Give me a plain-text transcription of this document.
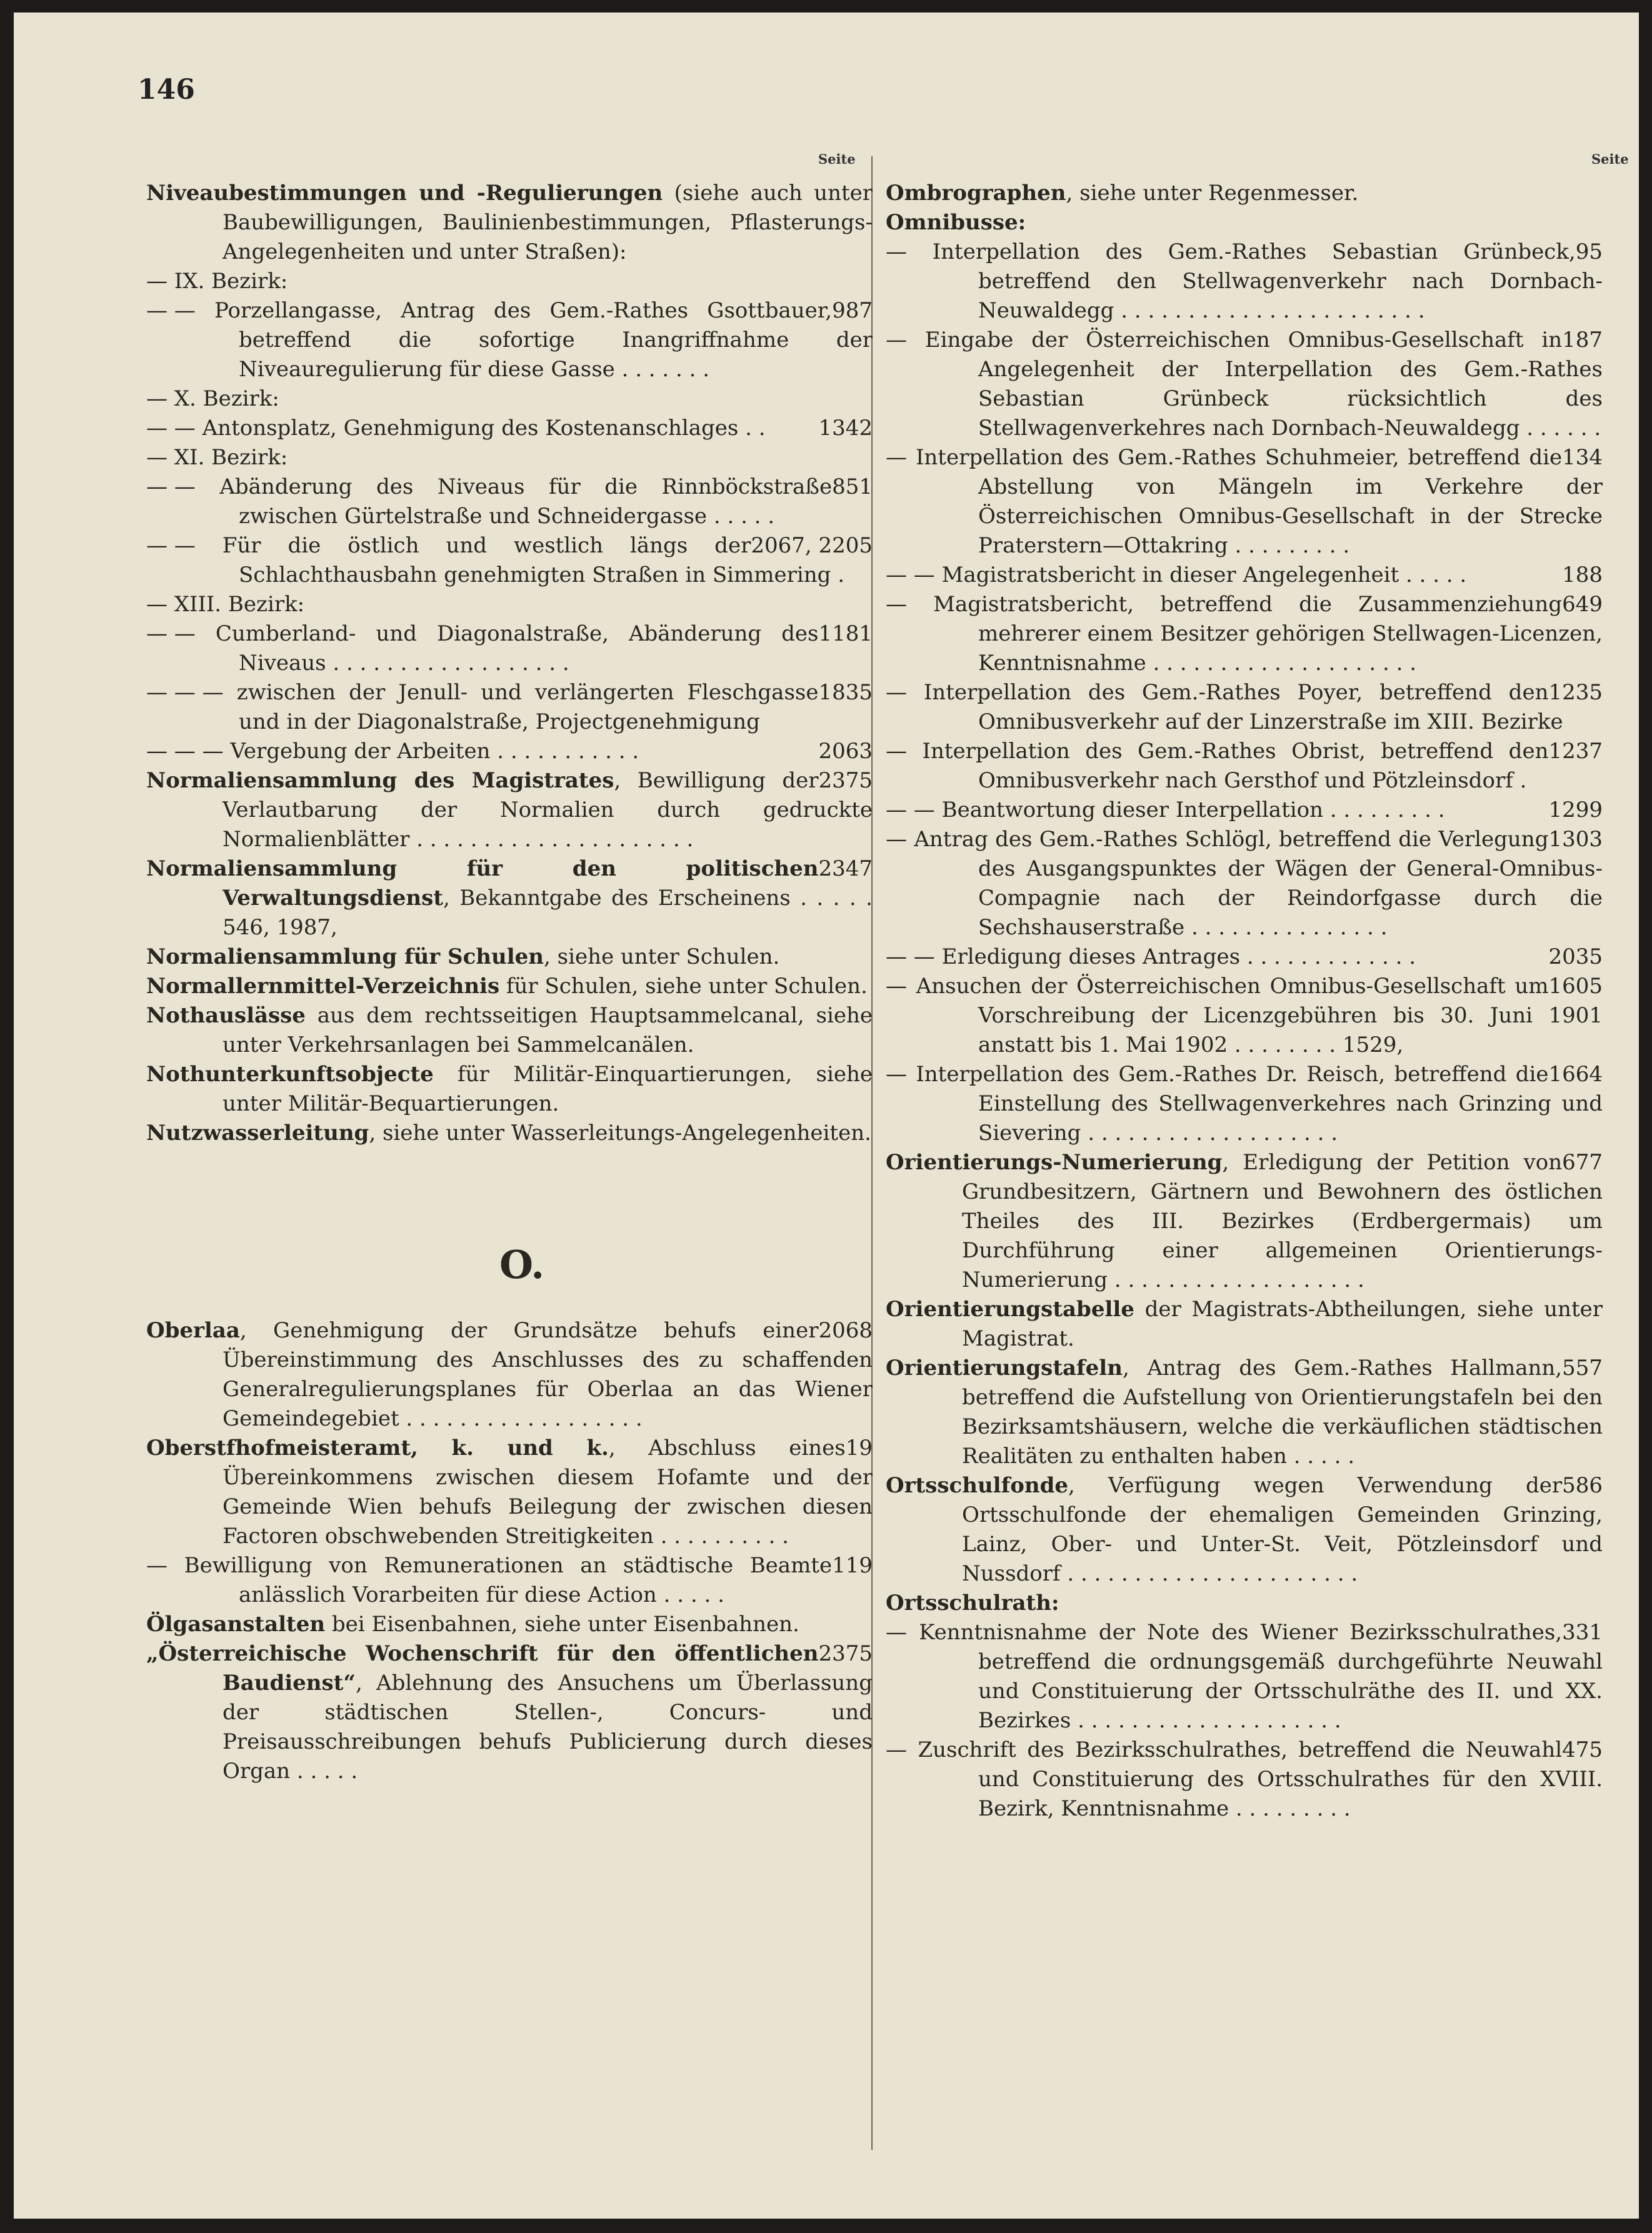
146
Seite	Seite
Niveaubestimmungen und -Regulierungen (siehe auch unter Baubewilligungen, Baulinienbestimmungen, Pflasterungs-Angelegenheiten und unter Straßen):
— IX. Bezirk:
987
— — Porzellangasse, Antrag des Gem.-Rathes Gsottbauer, betreffend die sofortige Inangriffnahme der Niveauregulierung für diese Gasse . . . . . . .
— X. Bezirk:
1342
— — Antonsplatz, Genehmigung des Kostenanschlages . .
— XI. Bezirk:
851
— — Abänderung des Niveaus für die Rinnböckstraße zwischen Gürtelstraße und Schneidergasse . . . . .
2067, 2205
— — Für die östlich und westlich längs der Schlachthausbahn genehmigten Straßen in Simmering .
— XIII. Bezirk:
1181
— — Cumberland- und Diagonalstraße, Abänderung des Niveaus . . . . . . . . . . . . . . . . . .
1835
— — — zwischen der Jenull- und verlängerten Fleschgasse und in der Diagonalstraße, Projectgenehmigung
2063
— — — Vergebung der Arbeiten . . . . . . . . . . .
2375
Normaliensammlung des Magistrates, Bewilligung der Verlautbarung der Normalien durch gedruckte Normalienblätter . . . . . . . . . . . . . . . . . . . . .
2347
Normaliensammlung für den politischen Verwaltungsdienst, Bekanntgabe des Erscheinens . . . . . 546, 1987,
Normaliensammlung für Schulen, siehe unter Schulen.
Normallernmittel-Verzeichnis für Schulen, siehe unter Schulen.
Nothauslässe aus dem rechtsseitigen Hauptsammelcanal, siehe unter Verkehrsanlagen bei Sammelcanälen.
Nothunterkunftsobjecte für Militär-Einquartierungen, siehe unter Militär-Bequartierungen.
Nutzwasserleitung, siehe unter Wasserleitungs-Angelegenheiten.
O.
2068
Oberlaa, Genehmigung der Grundsätze behufs einer Übereinstimmung des Anschlusses des zu schaffenden Generalregulierungsplanes für Oberlaa an das Wiener Gemeindegebiet . . . . . . . . . . . . . . . . . .
19
Oberstfhofmeisteramt, k. und k., Abschluss eines Übereinkommens zwischen diesem Hofamte und der Gemeinde Wien behufs Beilegung der zwischen diesen Factoren obschwebenden Streitigkeiten . . . . . . . . . .
119
— Bewilligung von Remunerationen an städtische Beamte anlässlich Vorarbeiten für diese Action . . . . .
Ölgasanstalten bei Eisenbahnen, siehe unter Eisenbahnen.
2375
„Österreichische Wochenschrift für den öffentlichen Baudienst“, Ablehnung des Ansuchens um Überlassung der städtischen Stellen-, Concurs- und Preisausschreibungen behufs Publicierung durch dieses Organ . . . . .
Ombrographen, siehe unter Regenmesser.
Omnibusse:
95
— Interpellation des Gem.-Rathes Sebastian Grünbeck, betreffend den Stellwagenverkehr nach Dornbach-Neuwaldegg . . . . . . . . . . . . . . . . . . . . . . .
187
— Eingabe der Österreichischen Omnibus-Gesellschaft in Angelegenheit der Interpellation des Gem.-Rathes Sebastian Grünbeck rücksichtlich des Stellwagenverkehres nach Dornbach-Neuwaldegg . . . . . .
134
— Interpellation des Gem.-Rathes Schuhmeier, betreffend die Abstellung von Mängeln im Verkehre der Österreichischen Omnibus-Gesellschaft in der Strecke Praterstern—Ottakring . . . . . . . . .
188
— — Magistratsbericht in dieser Angelegenheit . . . . .
649
— Magistratsbericht, betreffend die Zusammenziehung mehrerer einem Besitzer gehörigen Stellwagen-Licenzen, Kenntnisnahme . . . . . . . . . . . . . . . . . . . .
1235
— Interpellation des Gem.-Rathes Poyer, betreffend den Omnibusverkehr auf der Linzerstraße im XIII. Bezirke
1237
— Interpellation des Gem.-Rathes Obrist, betreffend den Omnibusverkehr nach Gersthof und Pötzleinsdorf .
1299
— — Beantwortung dieser Interpellation . . . . . . . . .
1303
— Antrag des Gem.-Rathes Schlögl, betreffend die Verlegung des Ausgangspunktes der Wägen der General-Omnibus-Compagnie nach der Reindorfgasse durch die Sechshauserstraße . . . . . . . . . . . . . . .
2035
— — Erledigung dieses Antrages . . . . . . . . . . . . .
1605
— Ansuchen der Österreichischen Omnibus-Gesellschaft um Vorschreibung der Licenzgebühren bis 30. Juni 1901 anstatt bis 1. Mai 1902 . . . . . . . . 1529,
1664
— Interpellation des Gem.-Rathes Dr. Reisch, betreffend die Einstellung des Stellwagenverkehres nach Grinzing und Sievering . . . . . . . . . . . . . . . . . . .
677
Orientierungs-Numerierung, Erledigung der Petition von Grundbesitzern, Gärtnern und Bewohnern des östlichen Theiles des III. Bezirkes (Erdbergermais) um Durchführung einer allgemeinen Orientierungs-Numerierung . . . . . . . . . . . . . . . . . . .
Orientierungstabelle der Magistrats-Abtheilungen, siehe unter Magistrat.
557
Orientierungstafeln, Antrag des Gem.-Rathes Hallmann, betreffend die Aufstellung von Orientierungstafeln bei den Bezirksamtshäusern, welche die verkäuflichen städtischen Realitäten zu enthalten haben . . . . .
586
Ortsschulfonde, Verfügung wegen Verwendung der Ortsschulfonde der ehemaligen Gemeinden Grinzing, Lainz, Ober- und Unter-St. Veit, Pötzleinsdorf und Nussdorf . . . . . . . . . . . . . . . . . . . . . .
Ortsschulrath:
331
— Kenntnisnahme der Note des Wiener Bezirksschulrathes, betreffend die ordnungsgemäß durchgeführte Neuwahl und Constituierung der Ortsschulräthe des II. und XX. Bezirkes . . . . . . . . . . . . . . . . . . . .
475
— Zuschrift des Bezirksschulrathes, betreffend die Neuwahl und Constituierung des Ortsschulrathes für den XVIII. Bezirk, Kenntnisnahme . . . . . . . . .
